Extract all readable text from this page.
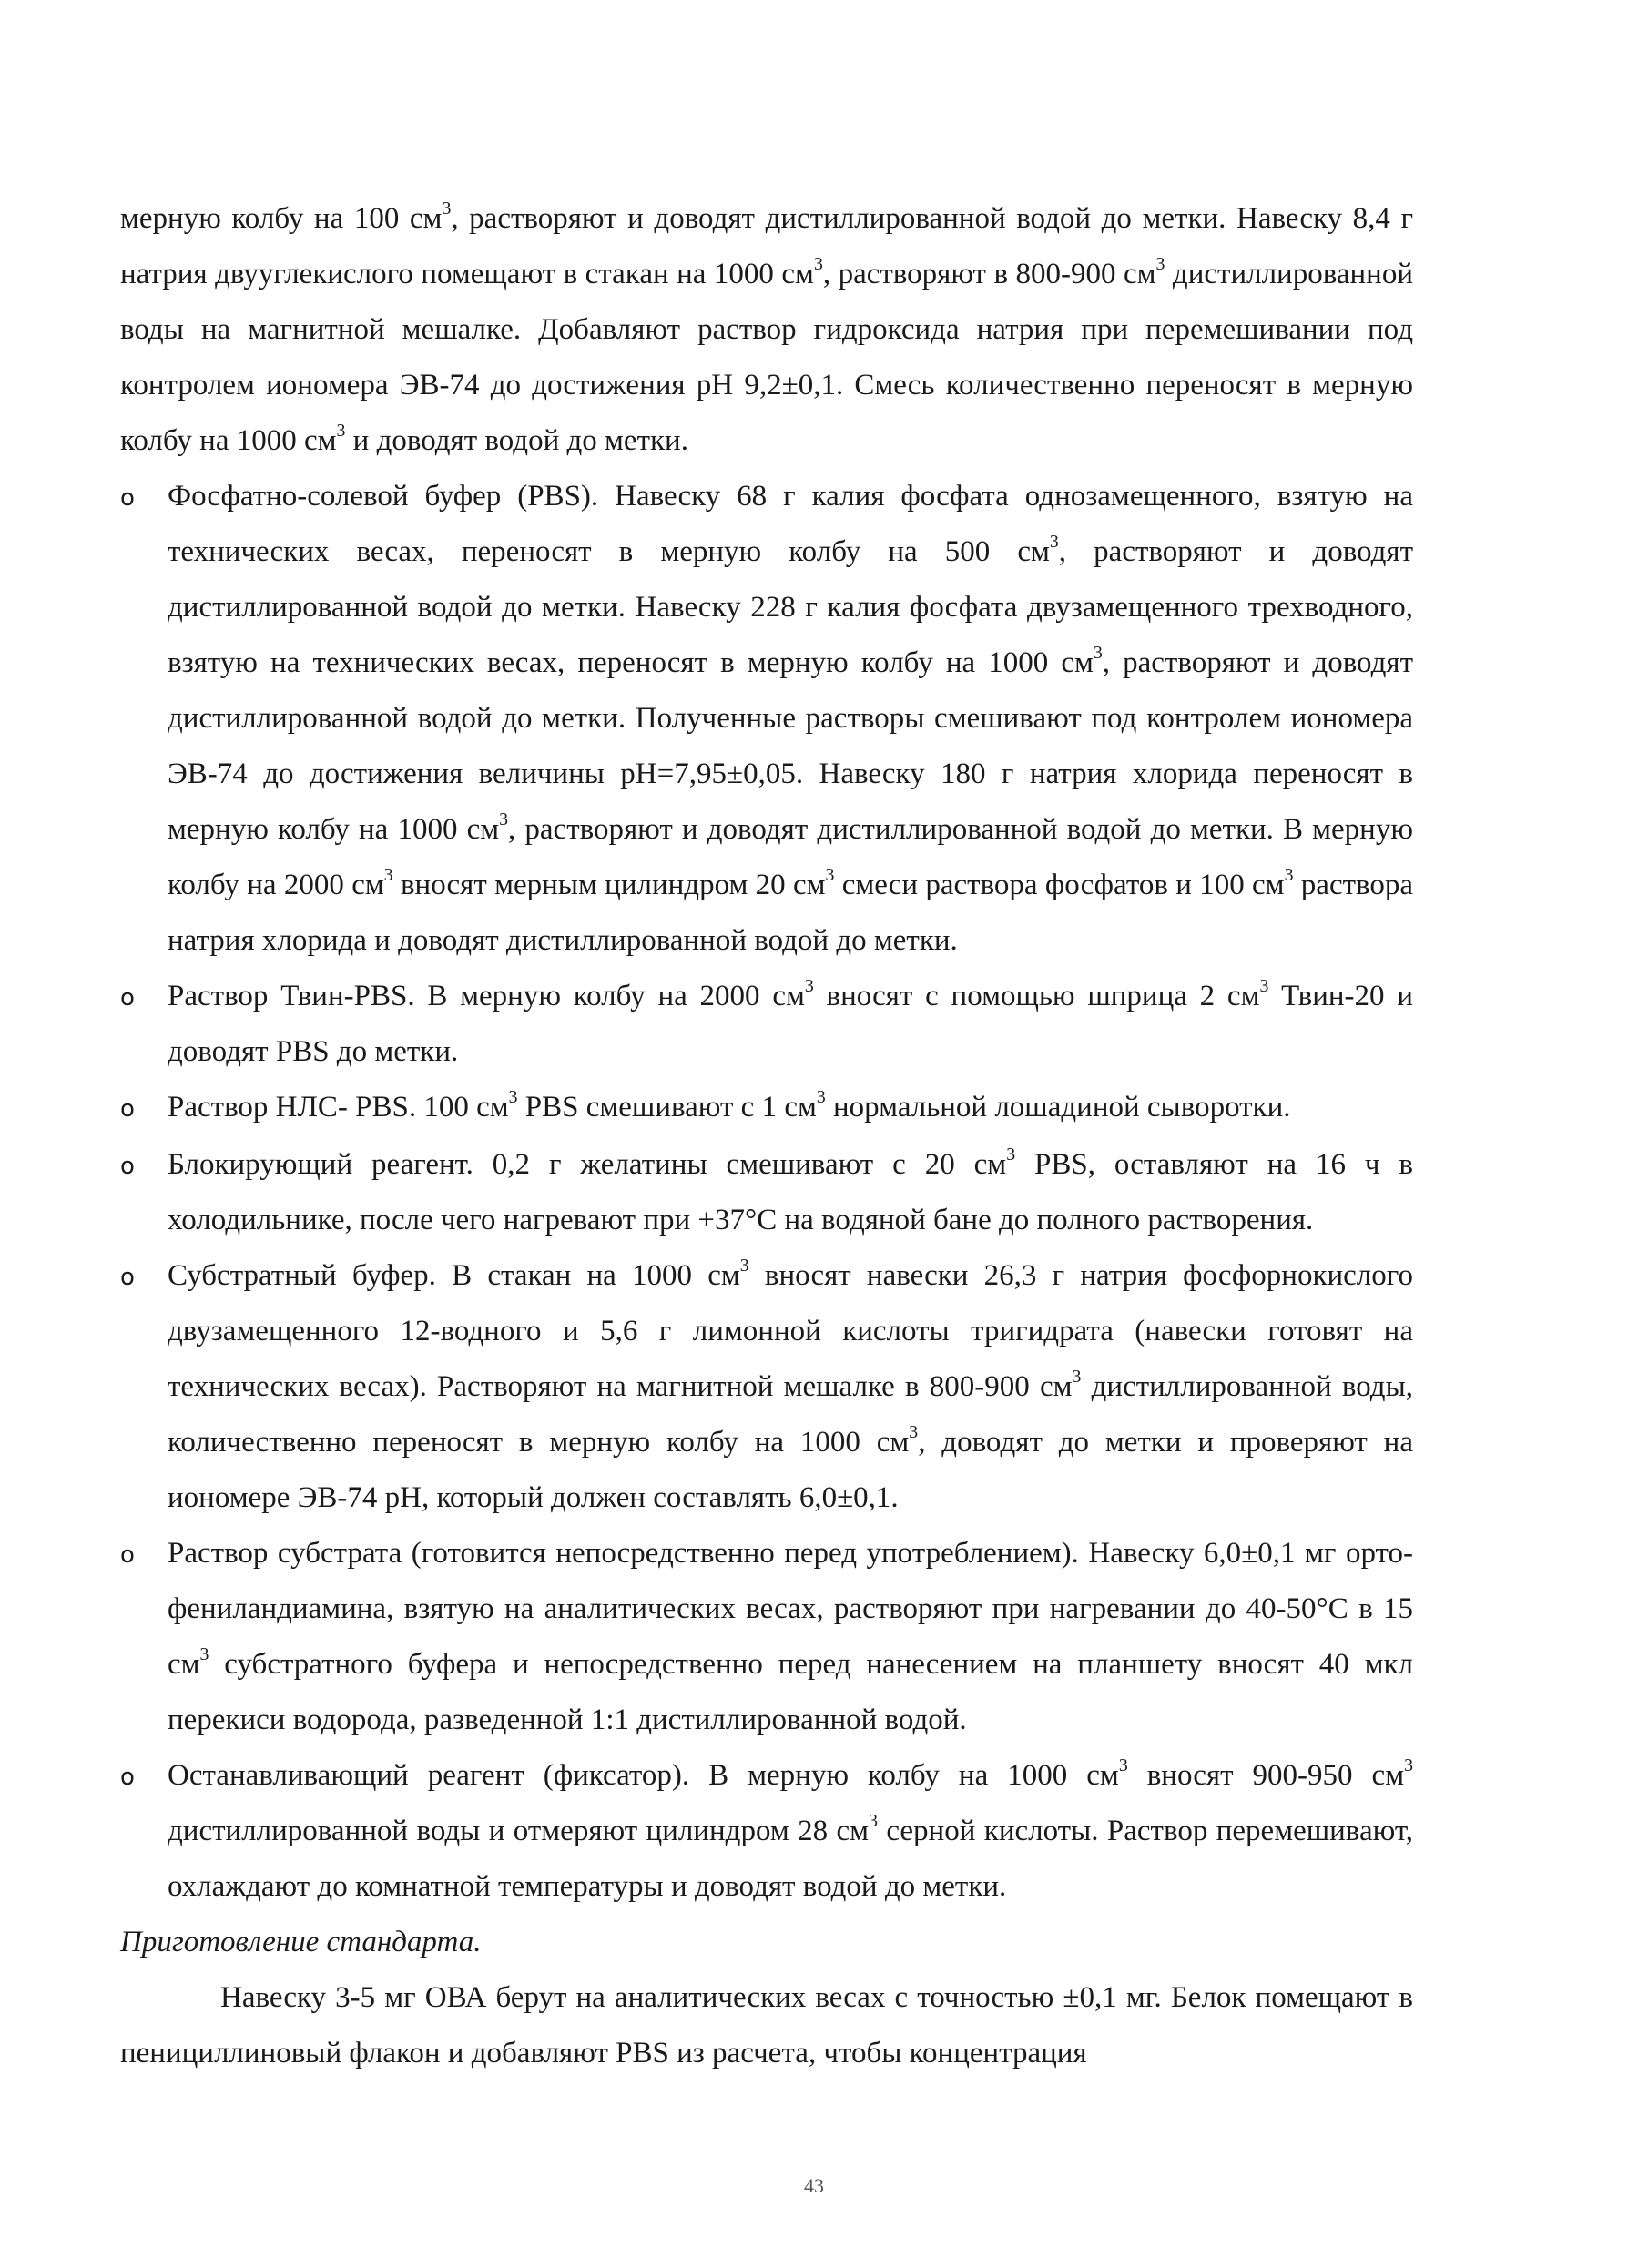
мерную колбу на 100 $см^3$, растворяют и доводят дистиллированной водой до метки. Навеску 8,4 г натрия двууглекислого помещают в стакан на 1000 $см^3$, растворяют в 800-900 $см^3$ дистиллированной воды на магнитной мешалке. Добавляют раствор гидроксида натрия при перемешивании под контролем иономера ЭВ-74 до достижения pH 9,2±0,1. Смесь количественно переносят в мерную колбу на 1000 $см^3$ и доводят водой до метки.

o	Фосфатно-солевой буфер (PBS). Навеску 68 г калия фосфата однозамещенного, взятую на технических весах, переносят в мерную колбу на 500 $см^3$, растворяют и доводят дистиллированной водой до метки. Навеску 228 г калия фосфата двузамещенного трехводного, взятую на технических весах, переносят в мерную колбу на 1000 $см^3$, растворяют и доводят дистиллированной водой до метки. Полученные растворы смешивают под контролем иономера ЭВ-74 до достижения величины pH=7,95±0,05. Навеску 180 г натрия хлорида переносят в мерную колбу на 1000 $см^3$, растворяют и доводят дистиллированной водой до метки. В мерную колбу на 2000 $см^3$ вносят мерным цилиндром 20 $см^3$ смеси раствора фосфатов и 100 $см^3$ раствора натрия хлорида и доводят дистиллированной водой до метки.

o	Раствор Твин-PBS. В мерную колбу на 2000 $см^3$ вносят с помощью шприца 2 $см^3$ Твин-20 и доводят PBS до метки.

o	Раствор НЛС- PBS. 100 $см^3$ PBS смешивают с 1 $см^3$ нормальной лошадиной сыворотки.

o	Блокирующий реагент. 0,2 г желатины смешивают с 20 $см^3$ PBS, оставляют на 16 ч в холодильнике, после чего нагревают при +37°C на водяной бане до полного растворения.

o	Субстратный буфер. В стакан на 1000 $см^3$ вносят навески 26,3 г натрия фосфорнокислого двузамещенного 12-водного и 5,6 г лимонной кислоты тригидрата (навески готовят на технических весах). Растворяют на магнитной мешалке в 800-900 $см^3$ дистиллированной воды, количественно переносят в мерную колбу на 1000 $см^3$, доводят до метки и проверяют на иономере ЭВ-74 pH, который должен составлять 6,0±0,1.

o	Раствор субстрата (готовится непосредственно перед употреблением). Навеску 6,0±0,1 мг орто-фениландиамина, взятую на аналитических весах, растворяют при нагревании до 40-50°C в 15 $см^3$ субстратного буфера и непосредственно перед нанесением на планшету вносят 40 мкл перекиси водорода, разведенной 1:1 дистиллированной водой.

o	Останавливающий реагент (фиксатор). В мерную колбу на 1000 $см^3$ вносят 900-950 $см^3$ дистиллированной воды и отмеряют цилиндром 28 $см^3$ серной кислоты. Раствор перемешивают, охлаждают до комнатной температуры и доводят водой до метки.

Приготовление стандарта.

Навеску 3-5 мг ОВА берут на аналитических весах с точностью ±0,1 мг. Белок помещают в пенициллиновый флакон и добавляют PBS из расчета, чтобы концентрация

43
